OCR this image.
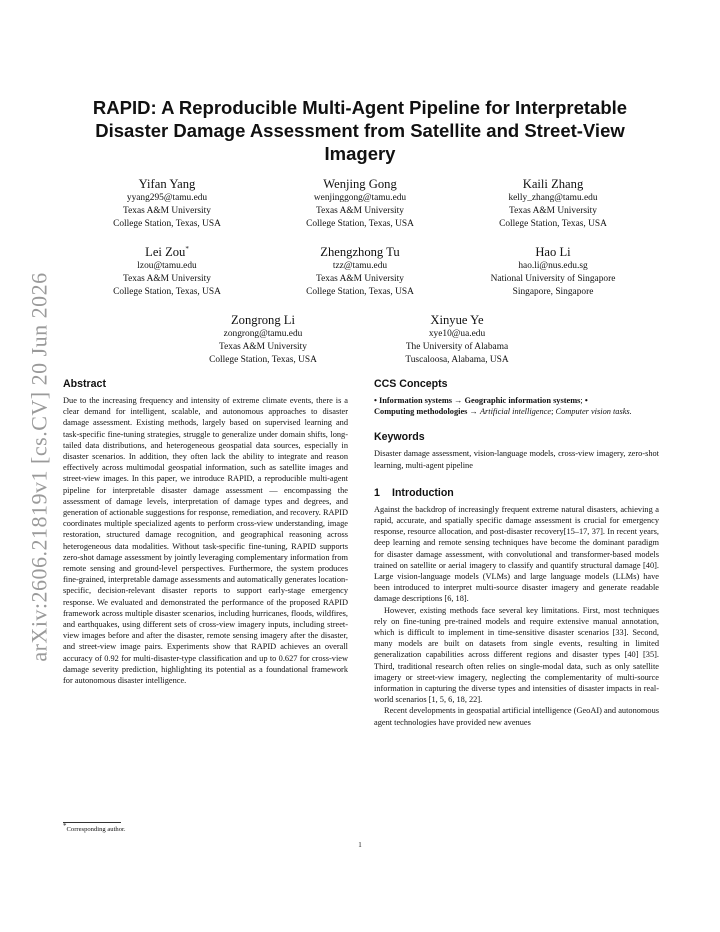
arXiv:2606.21819v1 [cs.CV] 20 Jun 2026
RAPID: A Reproducible Multi-Agent Pipeline for Interpretable
Disaster Damage Assessment from Satellite and Street-View
Imagery
Yifan Yang
yyang295@tamu.edu
Texas A&M University
College Station, Texas, USA
Wenjing Gong
wenjinggong@tamu.edu
Texas A&M University
College Station, Texas, USA
Kaili Zhang
kelly_zhang@tamu.edu
Texas A&M University
College Station, Texas, USA
Lei Zou*
lzou@tamu.edu
Texas A&M University
College Station, Texas, USA
Zhengzhong Tu
tzz@tamu.edu
Texas A&M University
College Station, Texas, USA
Hao Li
hao.li@nus.edu.sg
National University of Singapore
Singapore, Singapore
Zongrong Li
zongrong@tamu.edu
Texas A&M University
College Station, Texas, USA
Xinyue Ye
xye10@ua.edu
The University of Alabama
Tuscaloosa, Alabama, USA
Abstract

Due to the increasing frequency and intensity of extreme climate events, there is a clear demand for intelligent, scalable, and autonomous approaches to disaster damage assessment. Existing methods, largely based on supervised learning and task-specific fine-tuning strategies, struggle to generalize under domain shifts, long-tailed data distributions, and heterogeneous geospatial data sources, especially in disaster scenarios. In addition, they often lack the ability to integrate and reason effectively across multimodal geospatial information, such as satellite images and street-view images. In this paper, we introduce RAPID, a reproducible multi-agent pipeline for interpretable disaster damage assessment — encompassing the assessment of damage levels, interpretation of damage types and degrees, and generation of actionable suggestions for response, remediation, and recovery. RAPID coordinates multiple specialized agents to perform cross-view understanding, image restoration, structured damage recognition, and geographical reasoning across heterogeneous data modalities. Without task-specific fine-tuning, RAPID supports zero-shot damage assessment by jointly leveraging complementary information from remote sensing and ground-level perspectives. Furthermore, the system produces fine-grained, interpretable damage assessments and automatically generates location-specific, decision-relevant disaster reports to support early-stage emergency response. We evaluated and demonstrated the performance of the proposed RAPID framework across multiple disaster scenarios, including hurricanes, floods, wildfires, and earthquakes, using different sets of cross-view imagery inputs, including street-view images before and after the disaster, remote sensing imagery after the disaster, and street-view image pairs. Experiments show that RAPID achieves an overall accuracy of 0.92 for multi-disaster-type classification and up to 0.627 for cross-view damage severity prediction, highlighting its potential as a foundational framework for autonomous disaster intelligence.

CCS Concepts

• Information systems → Geographic information systems; •
Computing methodologies → Artificial intelligence; Computer vision tasks.

Keywords

Disaster damage assessment, vision-language models, cross-view imagery, zero-shot learning, multi-agent pipeline

1 Introduction

Against the backdrop of increasingly frequent extreme natural disasters, achieving a rapid, accurate, and spatially specific damage assessment is crucial for emergency response, resource allocation, and post-disaster recovery[15–17, 37]. In recent years, deep learning and remote sensing techniques have become the dominant paradigm for disaster damage assessment, with convolutional and transformer-based models trained on satellite or aerial imagery to classify and quantify structural damage [40]. Large vision-language models (VLMs) and large language models (LLMs) have been introduced to interpret multi-source disaster imagery and generate readable damage descriptions [6, 18].

However, existing methods face several key limitations. First, most techniques rely on fine-tuning pre-trained models and require extensive manual annotation, which is difficult to implement in time-sensitive disaster scenarios [33]. Second, many models are built on datasets from single events, resulting in limited generalization capabilities across different regions and disaster types [40] [35]. Third, traditional research often relies on single-modal data, such as only satellite imagery or street-view imagery, neglecting the complementarity of multi-source information in capturing the diverse types and intensities of disaster impacts in real-world scenarios [1, 5, 6, 18, 22].

Recent developments in geospatial artificial intelligence (GeoAI) and autonomous agent technologies have provided new avenues

*Corresponding author.
1
